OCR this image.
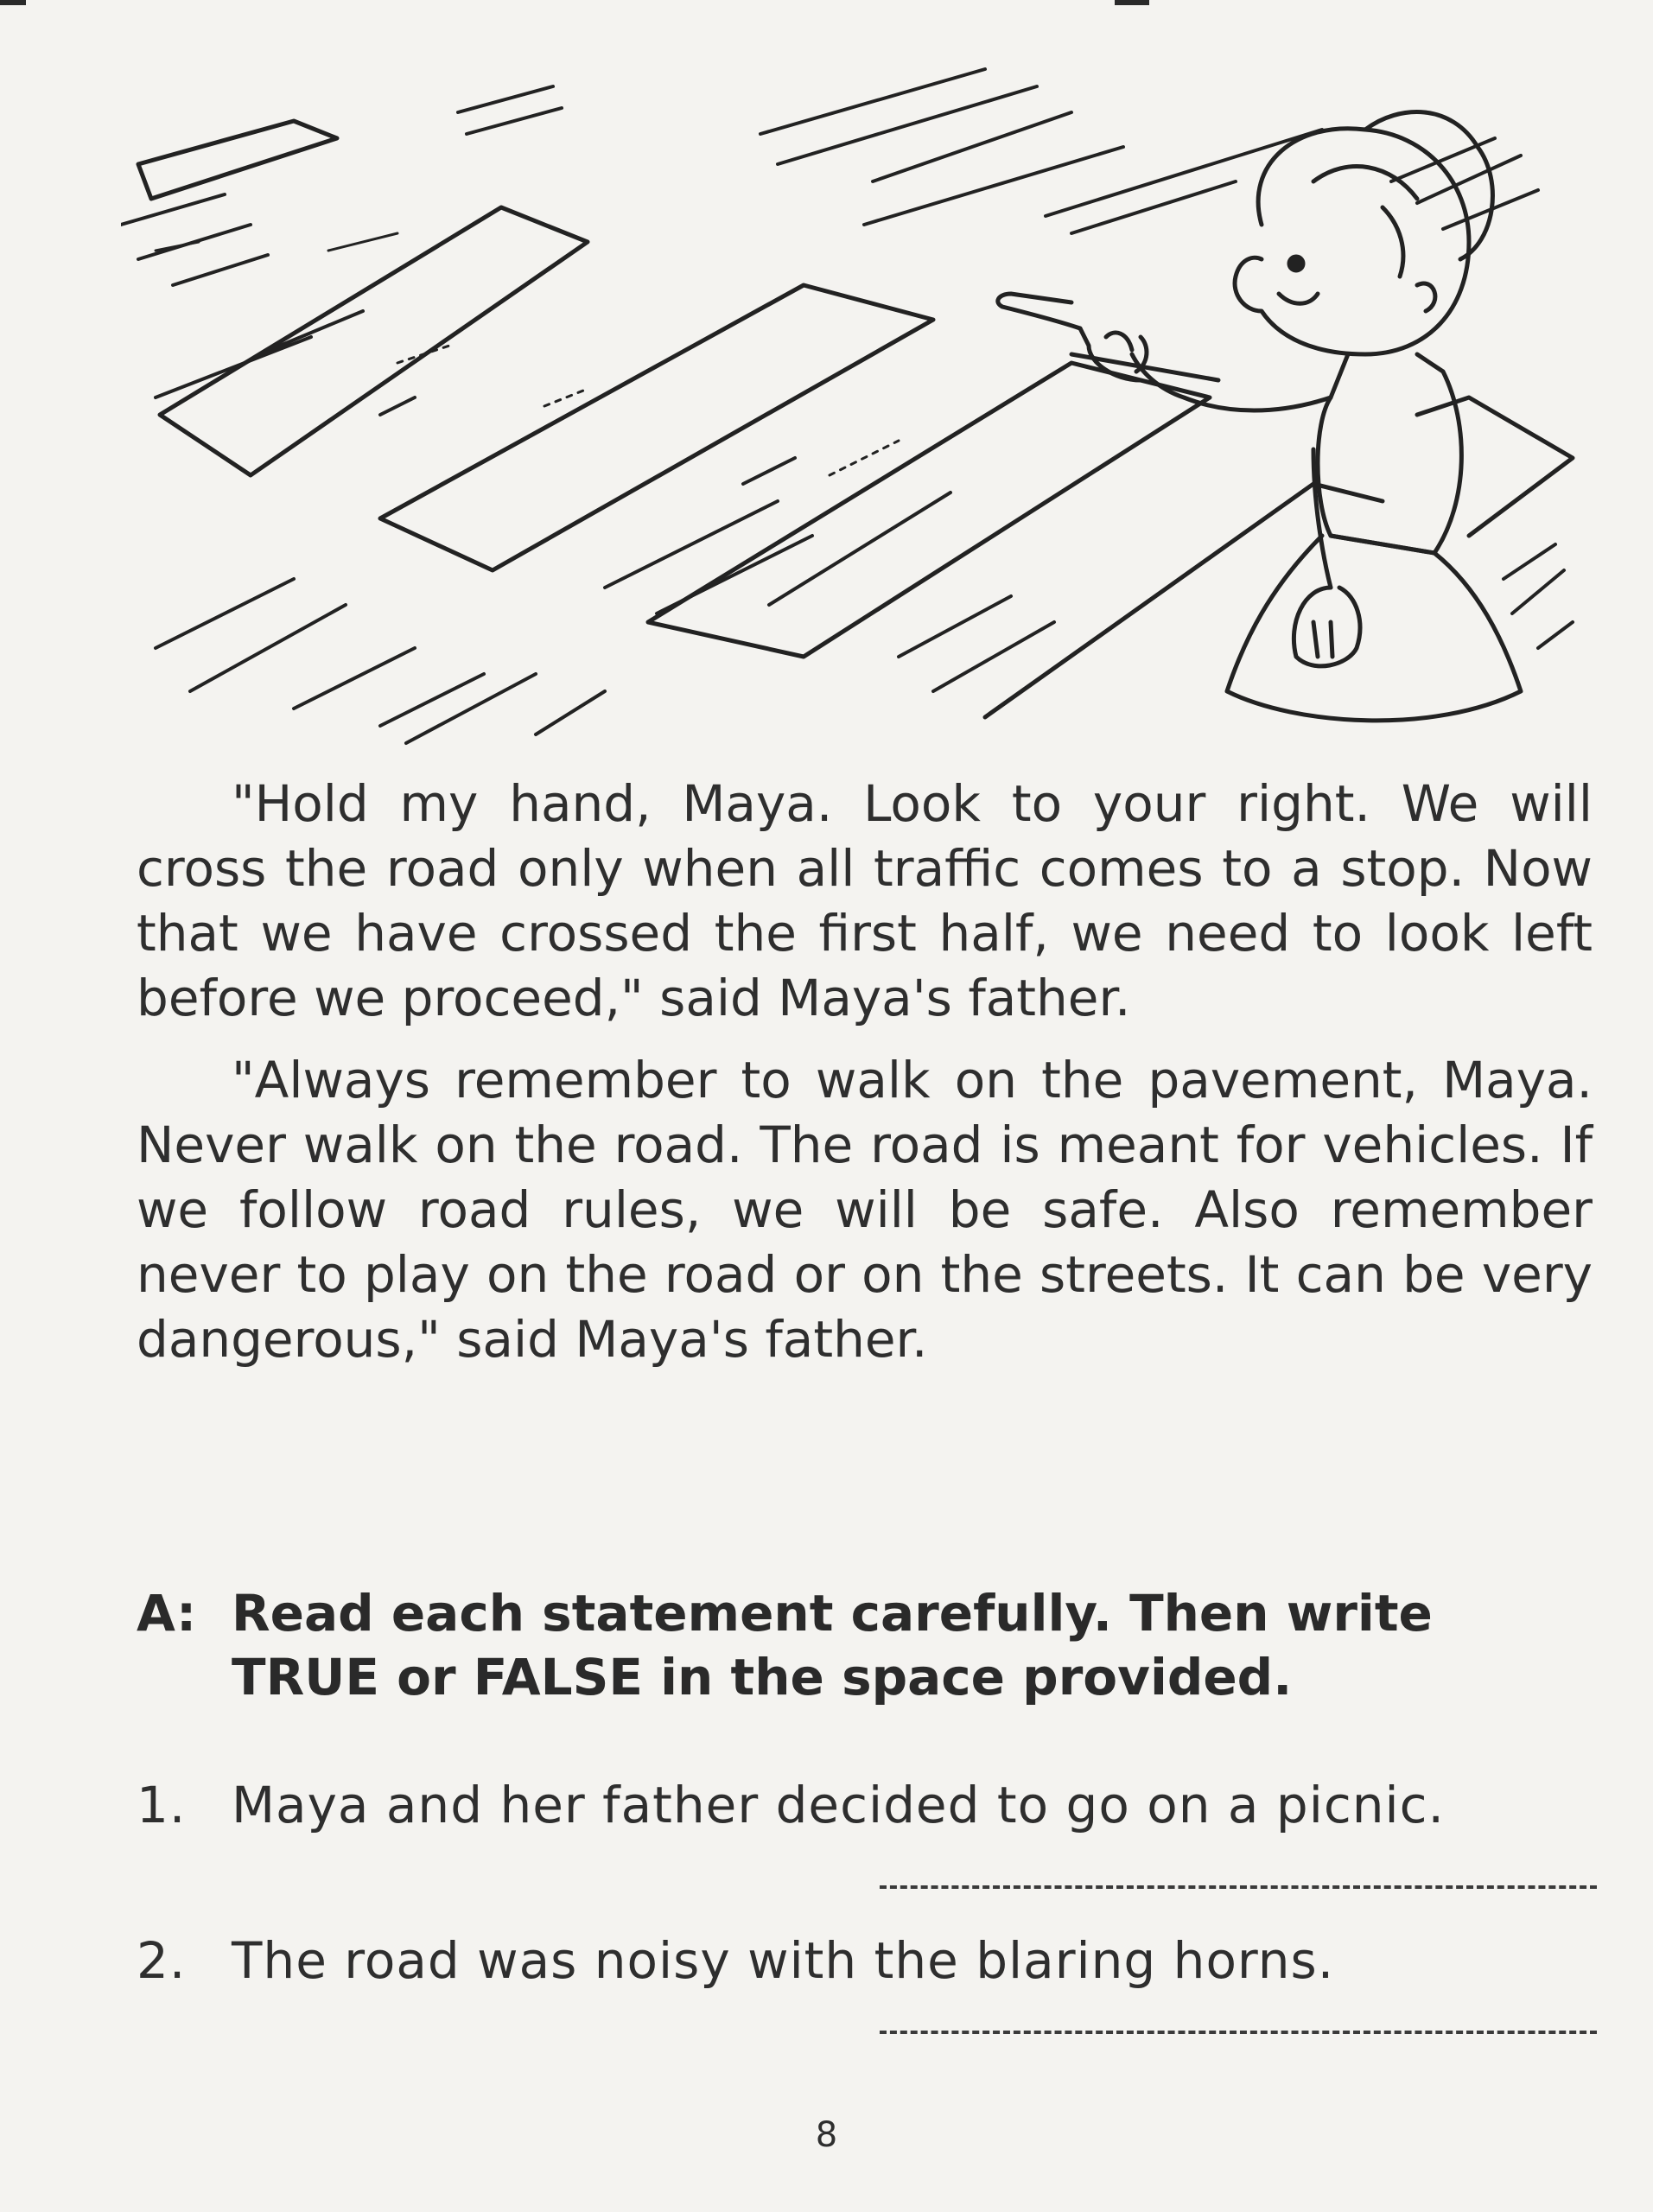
"Hold my hand, Maya. Look to your right. We will cross the road only when all traffic comes to a stop. Now that we have crossed the first half, we need to look left before we proceed," said Maya's father.

"Always remember to walk on the pavement, Maya. Never walk on the road. The road is meant for vehicles. If we follow road rules, we will be safe. Also remember never to play on the road or on the streets. It can be very dangerous," said Maya's father.

A: Read each statement carefully. Then write TRUE or FALSE in the space provided.
1. Maya and her father decided to go on a picnic.
2. The road was noisy with the blaring horns.
8
